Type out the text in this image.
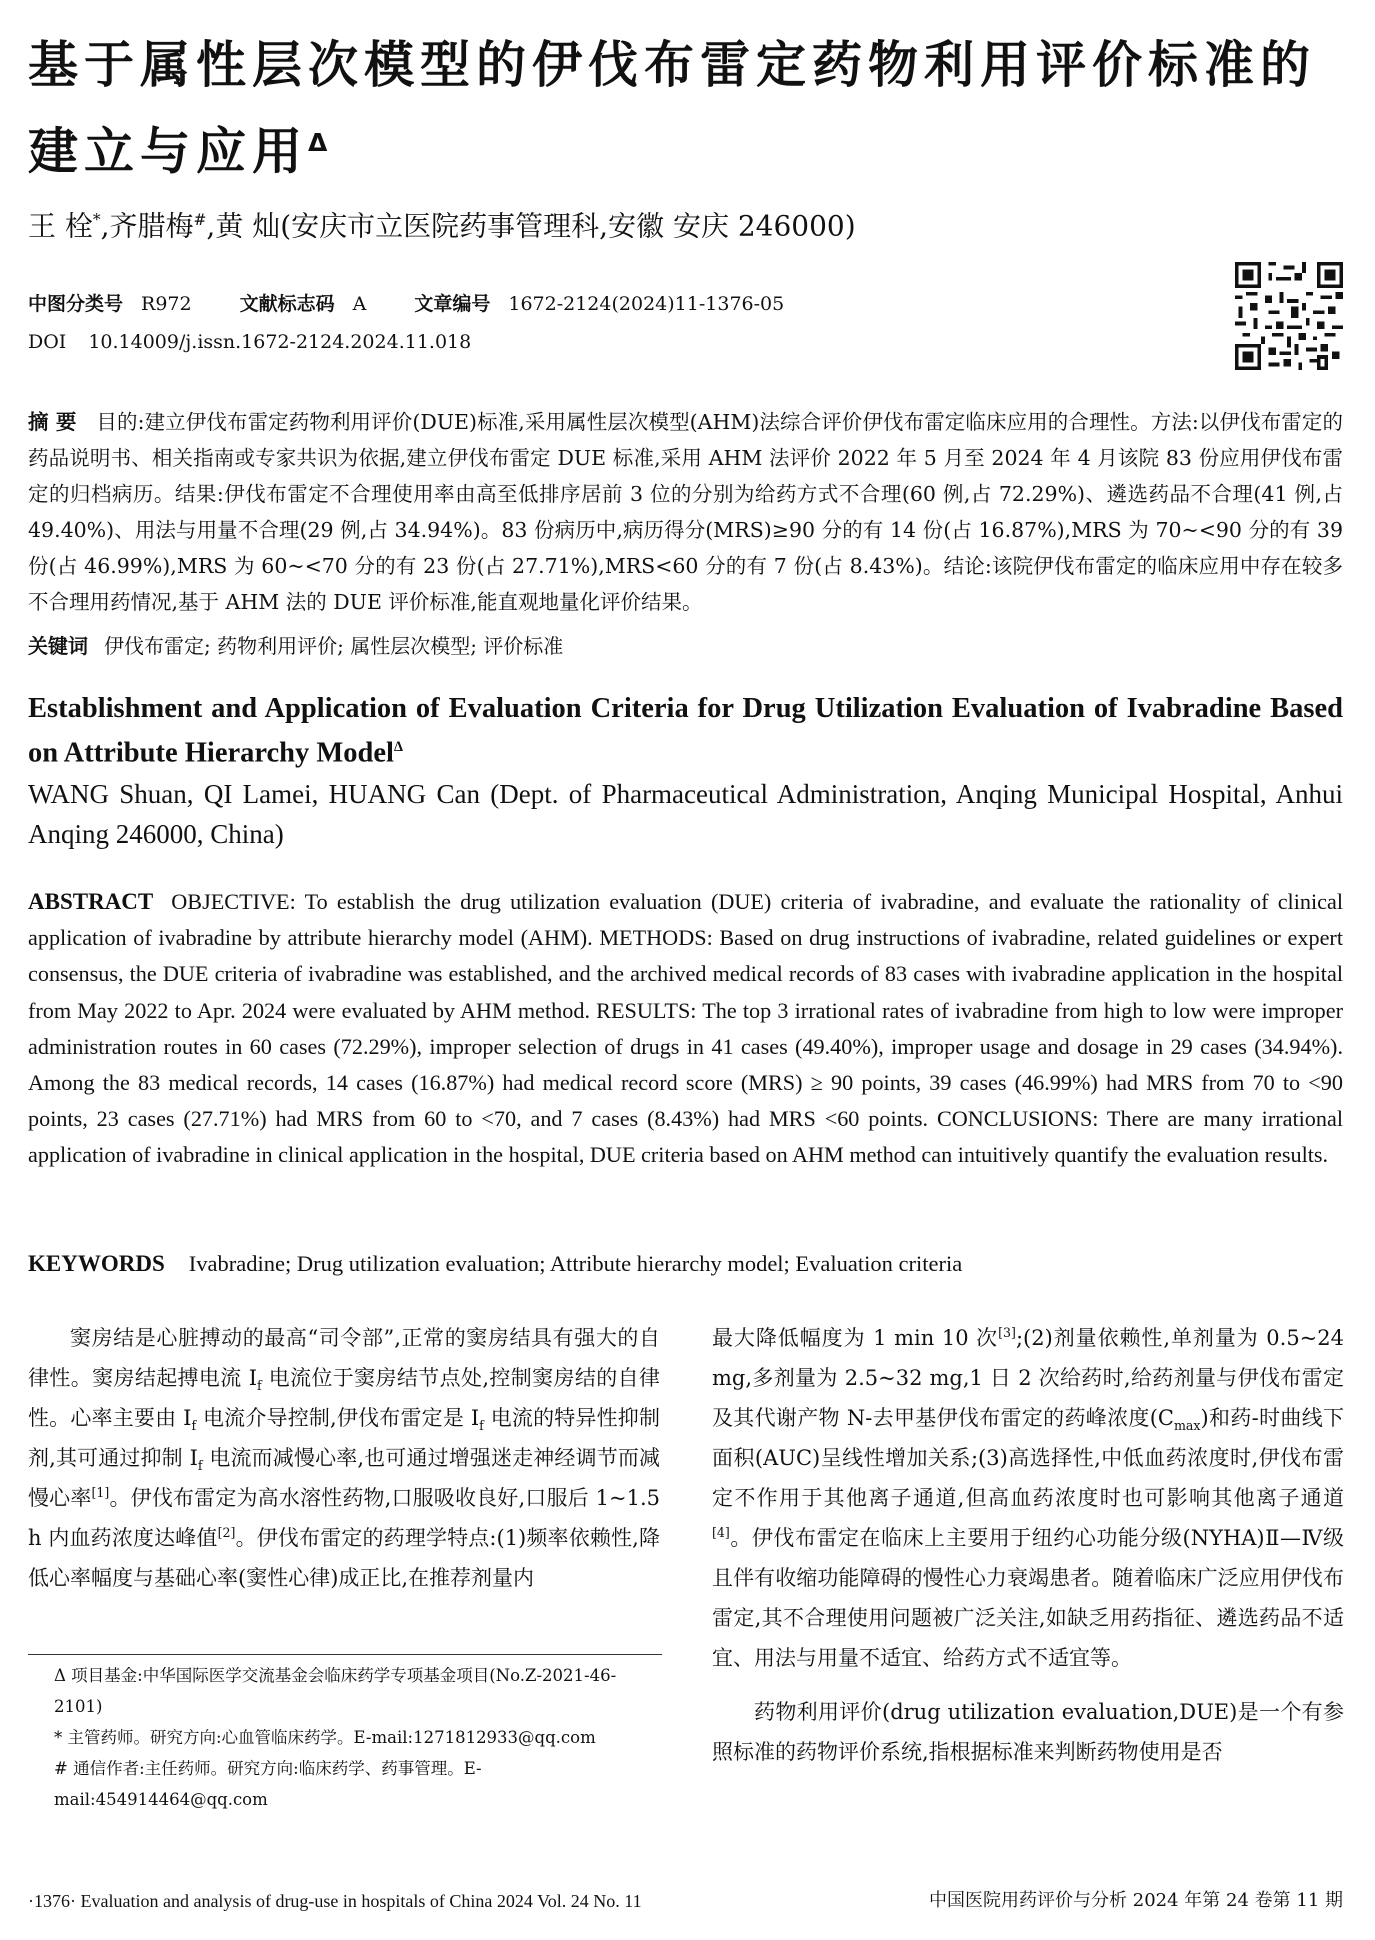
基于属性层次模型的伊伐布雷定药物利用评价标准的建立与应用$^\Delta$
王 栓*,齐腊梅#,黄 灿(安庆市立医院药事管理科,安徽 安庆 246000)
中图分类号 R972	文献标志码 A	文章编号 1672-2124(2024)11-1376-05
DOI 10.14009/j.issn.1672-2124.2024.11.018

摘 要 目的:建立伊伐布雷定药物利用评价(DUE)标准,采用属性层次模型(AHM)法综合评价伊伐布雷定临床应用的合理性。方法:以伊伐布雷定的药品说明书、相关指南或专家共识为依据,建立伊伐布雷定 DUE 标准,采用 AHM 法评价 2022 年 5 月至 2024 年 4 月该院 83 份应用伊伐布雷定的归档病历。结果:伊伐布雷定不合理使用率由高至低排序居前 3 位的分别为给药方式不合理(60 例,占 72.29%)、遴选药品不合理(41 例,占 49.40%)、用法与用量不合理(29 例,占 34.94%)。83 份病历中,病历得分(MRS)≥90 分的有 14 份(占 16.87%),MRS 为 70~<90 分的有 39 份(占 46.99%),MRS 为 60~<70 分的有 23 份(占 27.71%),MRS<60 分的有 7 份(占 8.43%)。结论:该院伊伐布雷定的临床应用中存在较多不合理用药情况,基于 AHM 法的 DUE 评价标准,能直观地量化评价结果。

关键词 伊伐布雷定; 药物利用评价; 属性层次模型; 评价标准
Establishment and Application of Evaluation Criteria for Drug Utilization Evaluation of Ivabradine Based on Attribute Hierarchy Model$^\Delta$

WANG Shuan, QI Lamei, HUANG Can (Dept. of Pharmaceutical Administration, Anqing Municipal Hospital, Anhui Anqing 246000, China)

ABSTRACT OBJECTIVE: To establish the drug utilization evaluation (DUE) criteria of ivabradine, and evaluate the rationality of clinical application of ivabradine by attribute hierarchy model (AHM). METHODS: Based on drug instructions of ivabradine, related guidelines or expert consensus, the DUE criteria of ivabradine was established, and the archived medical records of 83 cases with ivabradine application in the hospital from May 2022 to Apr. 2024 were evaluated by AHM method. RESULTS: The top 3 irrational rates of ivabradine from high to low were improper administration routes in 60 cases (72.29%), improper selection of drugs in 41 cases (49.40%), improper usage and dosage in 29 cases (34.94%). Among the 83 medical records, 14 cases (16.87%) had medical record score (MRS) ≥ 90 points, 39 cases (46.99%) had MRS from 70 to <90 points, 23 cases (27.71%) had MRS from 60 to <70, and 7 cases (8.43%) had MRS <60 points. CONCLUSIONS: There are many irrational application of ivabradine in clinical application in the hospital, DUE criteria based on AHM method can intuitively quantify the evaluation results.

KEYWORDS Ivabradine; Drug utilization evaluation; Attribute hierarchy model; Evaluation criteria

窦房结是心脏搏动的最高“司令部”,正常的窦房结具有强大的自律性。窦房结起搏电流 $I_f$ 电流位于窦房结节点处,控制窦房结的自律性。心率主要由 $I_f$ 电流介导控制,伊伐布雷定是 $I_f$ 电流的特异性抑制剂,其可通过抑制 $I_f$ 电流而减慢心率,也可通过增强迷走神经调节而减慢心率[1]。伊伐布雷定为高水溶性药物,口服吸收良好,口服后 1~1.5 h 内血药浓度达峰值[2]。伊伐布雷定的药理学特点:(1)频率依赖性,降低心率幅度与基础心率(窦性心律)成正比,在推荐剂量内

Δ 项目基金:中华国际医学交流基金会临床药学专项基金项目(No.Z-2021-46-2101)

* 主管药师。研究方向:心血管临床药学。E-mail:1271812933@qq.com

# 通信作者:主任药师。研究方向:临床药学、药事管理。E-mail:454914464@qq.com

最大降低幅度为 1 min 10 次[3];(2)剂量依赖性,单剂量为 0.5~24 mg,多剂量为 2.5~32 mg,1 日 2 次给药时,给药剂量与伊伐布雷定及其代谢产物 N-去甲基伊伐布雷定的药峰浓度$(C_{max})$和药-时曲线下面积(AUC)呈线性增加关系;(3)高选择性,中低血药浓度时,伊伐布雷定不作用于其他离子通道,但高血药浓度时也可影响其他离子通道[4]。伊伐布雷定在临床上主要用于纽约心功能分级(NYHA)Ⅱ—Ⅳ级且伴有收缩功能障碍的慢性心力衰竭患者。随着临床广泛应用伊伐布雷定,其不合理使用问题被广泛关注,如缺乏用药指征、遴选药品不适宜、用法与用量不适宜、给药方式不适宜等。

药物利用评价(drug utilization evaluation,DUE)是一个有参照标准的药物评价系统,指根据标准来判断药物使用是否

·1376· Evaluation and analysis of drug-use in hospitals of China 2024 Vol. 24 No. 11	中国医院用药评价与分析 2024 年第 24 卷第 11 期
